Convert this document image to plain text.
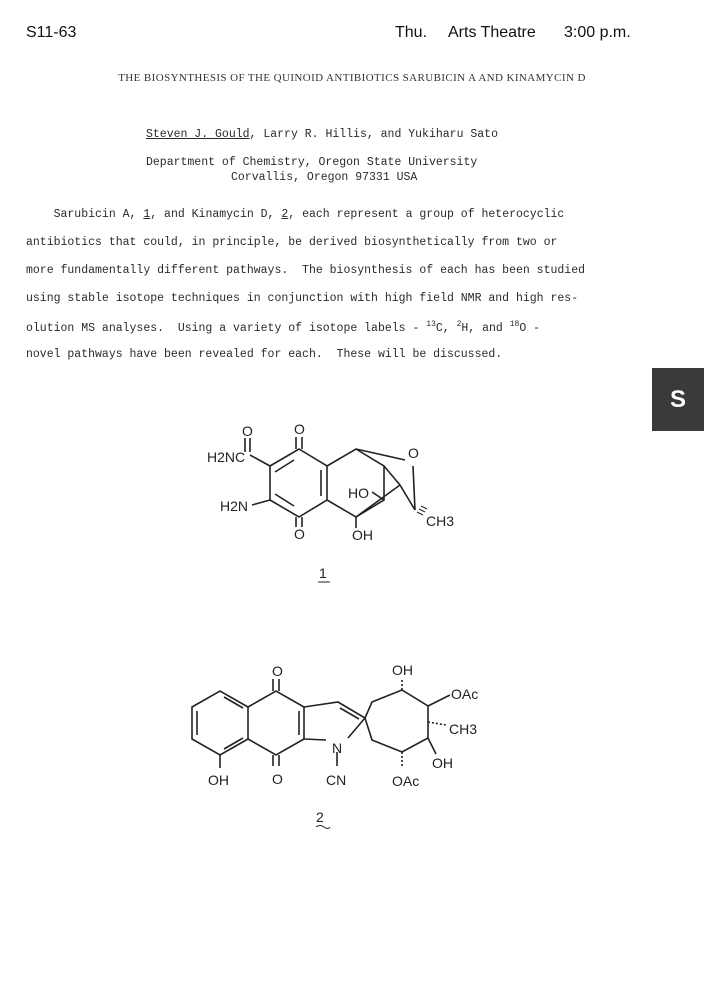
S11-63	Thu. Arts Theatre 3:00 p.m.
THE BIOSYNTHESIS OF THE QUINOID ANTIBIOTICS SARUBICIN A AND KINAMYCIN D
Steven J. Gould, Larry R. Hillis, and Yukiharu Sato
Department of Chemistry, Oregon State University
Corvallis, Oregon 97331 USA
Sarubicin A, 1, and Kinamycin D, 2, each represent a group of heterocyclic
antibiotics that could, in principle, be derived biosynthetically from two or
more fundamentally different pathways.  The biosynthesis of each has been studied
using stable isotope techniques in conjunction with high field NMR and high res-
olution MS analyses.  Using a variety of isotope labels - $^{13}$C, $^2$H, and $^{18}$O -
novel pathways have been revealed for each.  These will be discussed.
S
O
O
H2NC
H2N
O
O
HO
CH3
OH
1
O	OH
OAc
CH3
OH
N
CN
OH	O	OAc
2
